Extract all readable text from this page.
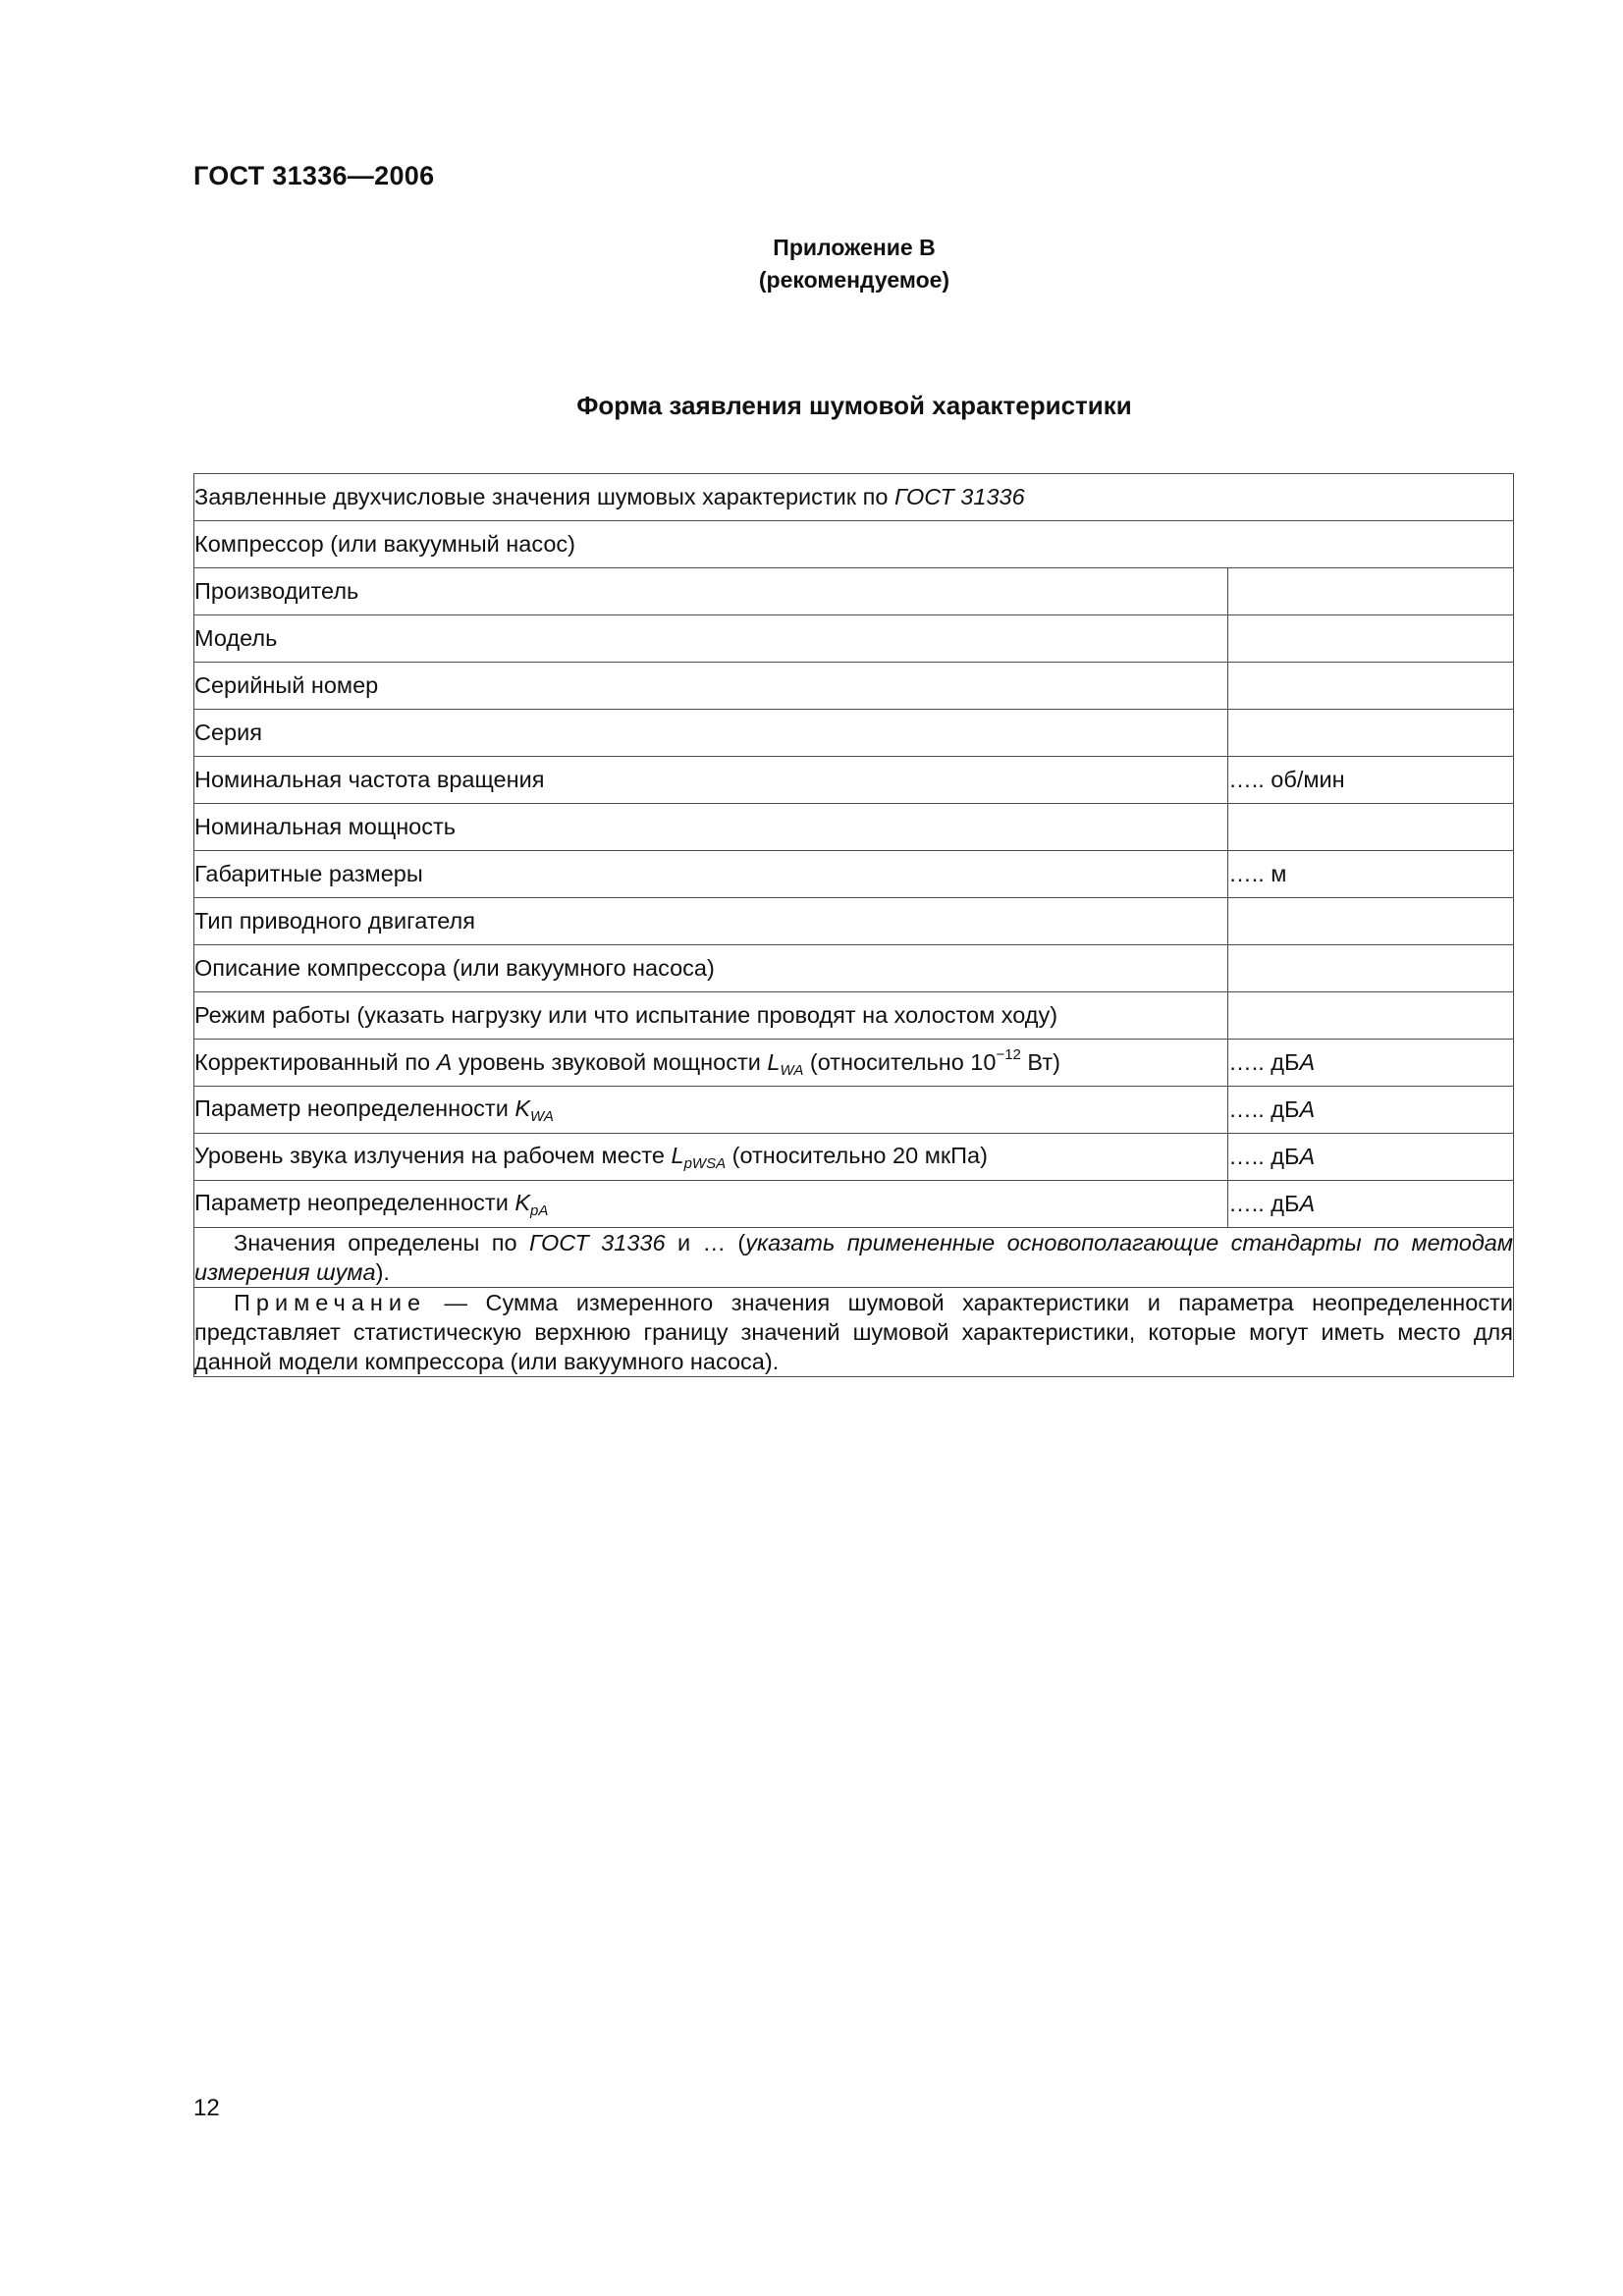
ГОСТ 31336—2006
Приложение В
(рекомендуемое)
Форма заявления шумовой характеристики
Заявленные двухчисловые значения шумовых характеристик по ГОСТ 31336	
Компрессор (или вакуумный насос)	
Производитель	
Модель	
Серийный номер	
Серия	
Номинальная частота вращения	….. об/мин
Номинальная мощность	
Габаритные размеры	….. м
Тип приводного двигателя	
Описание компрессора (или вакуумного насоса)	
Режим работы (указать нагрузку или что испытание проводят на холостом ходу)	
Корректированный по A уровень звуковой мощности $L_{WA}$ (относительно $10^{-12}$ Вт)	….. дБA
Параметр неопределенности $K_{WA}$	….. дБA
Уровень звука излучения на рабочем месте $L_{pWSA}$ (относительно 20 мкПа)	….. дБA
Параметр неопределенности $K_{pA}$	….. дБA
Значения определены по ГОСТ 31336 и … (указать примененные основополагающие стандарты по методам измерения шума).	
Примечание — Сумма измеренного значения шумовой характеристики и параметра неопределенности представляет статистическую верхнюю границу значений шумовой характеристики, которые могут иметь место для данной модели компрессора (или вакуумного насоса).	
12
